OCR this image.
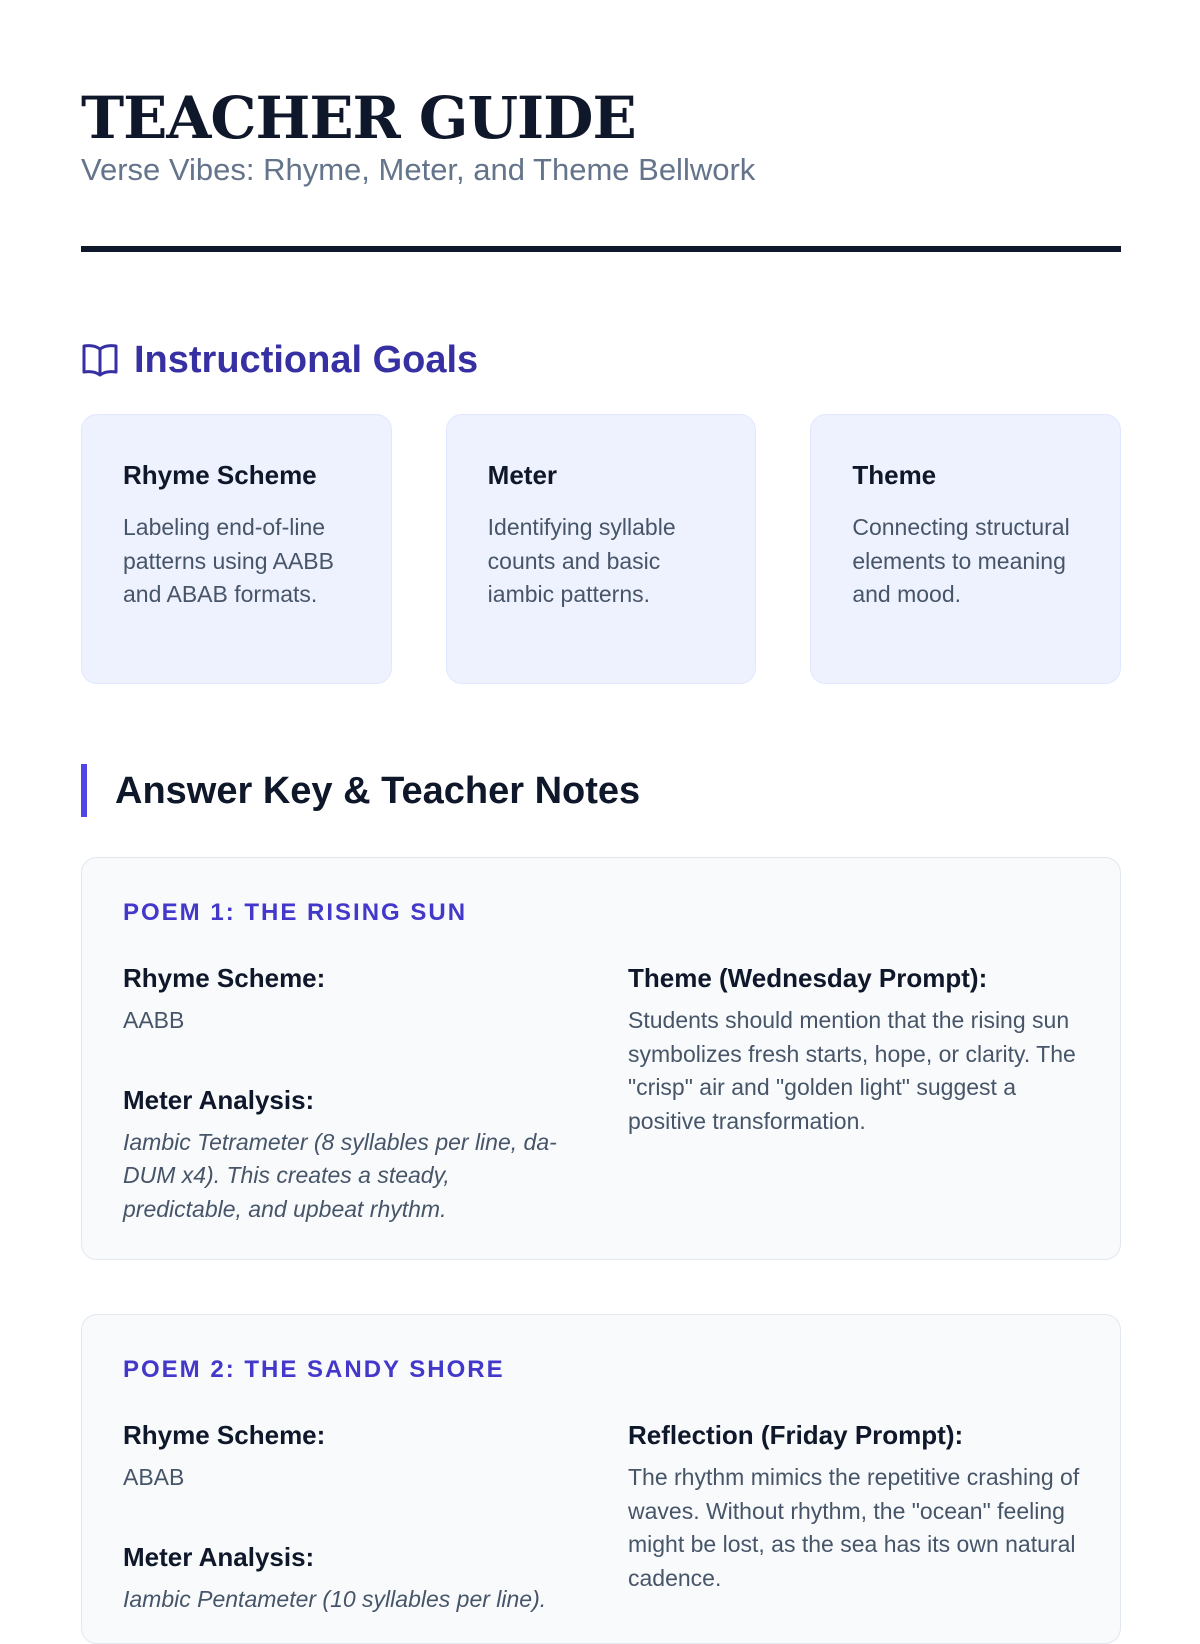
TEACHER GUIDE

Verse Vibes: Rhyme, Meter, and Theme Bellwork

Instructional Goals
Rhyme Scheme

Labeling end-of-line patterns using AABB and ABAB formats.

Meter

Identifying syllable counts and basic iambic patterns.

Theme

Connecting structural elements to meaning and mood.

Answer Key & Teacher Notes
POEM 1: THE RISING SUN

Rhyme Scheme:

AABB

Meter Analysis:

Iambic Tetrameter (8 syllables per line, da-DUM x4). This creates a steady, predictable, and upbeat rhythm.

Theme (Wednesday Prompt):

Students should mention that the rising sun symbolizes fresh starts, hope, or clarity. The "crisp" air and "golden light" suggest a positive transformation.

POEM 2: THE SANDY SHORE

Rhyme Scheme:

ABAB

Meter Analysis:

Iambic Pentameter (10 syllables per line).

Reflection (Friday Prompt):

The rhythm mimics the repetitive crashing of waves. Without rhythm, the "ocean" feeling might be lost, as the sea has its own natural cadence.
